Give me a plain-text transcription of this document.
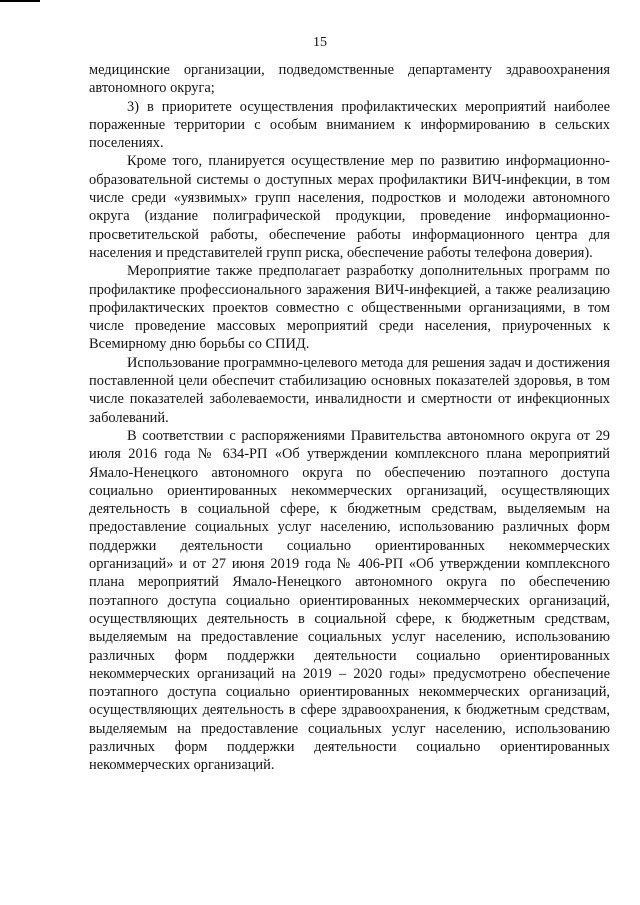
15

медицинские организации, подведомственные департаменту здравоохранения автономного округа;

3) в приоритете осуществления профилактических мероприятий наиболее пораженные территории с особым вниманием к информированию в сельских поселениях.

Кроме того, планируется осуществление мер по развитию информационно-образовательной системы о доступных мерах профилактики ВИЧ-инфекции, в том числе среди «уязвимых» групп населения, подростков и молодежи автономного округа (издание полиграфической продукции, проведение информационно-просветительской работы, обеспечение работы информационного центра для населения и представителей групп риска, обеспечение работы телефона доверия).

Мероприятие также предполагает разработку дополнительных программ по профилактике профессионального заражения ВИЧ-инфекцией, а также реализацию профилактических проектов совместно с общественными организациями, в том числе проведение массовых мероприятий среди населения, приуроченных к Всемирному дню борьбы со СПИД.

Использование программно-целевого метода для решения задач и достижения поставленной цели обеспечит стабилизацию основных показателей здоровья, в том числе показателей заболеваемости, инвалидности и смертности от инфекционных заболеваний.

В соответствии с распоряжениями Правительства автономного округа от 29 июля 2016 года № 634-РП «Об утверждении комплексного плана мероприятий Ямало-Ненецкого автономного округа по обеспечению поэтапного доступа социально ориентированных некоммерческих организаций, осуществляющих деятельность в социальной сфере, к бюджетным средствам, выделяемым на предоставление социальных услуг населению, использованию различных форм поддержки деятельности социально ориентированных некоммерческих организаций» и от 27 июня 2019 года № 406-РП «Об утверждении комплексного плана мероприятий Ямало-Ненецкого автономного округа по обеспечению поэтапного доступа социально ориентированных некоммерческих организаций, осуществляющих деятельность в социальной сфере, к бюджетным средствам, выделяемым на предоставление социальных услуг населению, использованию различных форм поддержки деятельности социально ориентированных некоммерческих организаций на 2019 – 2020 годы» предусмотрено обеспечение поэтапного доступа социально ориентированных некоммерческих организаций, осуществляющих деятельность в сфере здравоохранения, к бюджетным средствам, выделяемым на предоставление социальных услуг населению, использованию различных форм поддержки деятельности социально ориентированных некоммерческих организаций.
